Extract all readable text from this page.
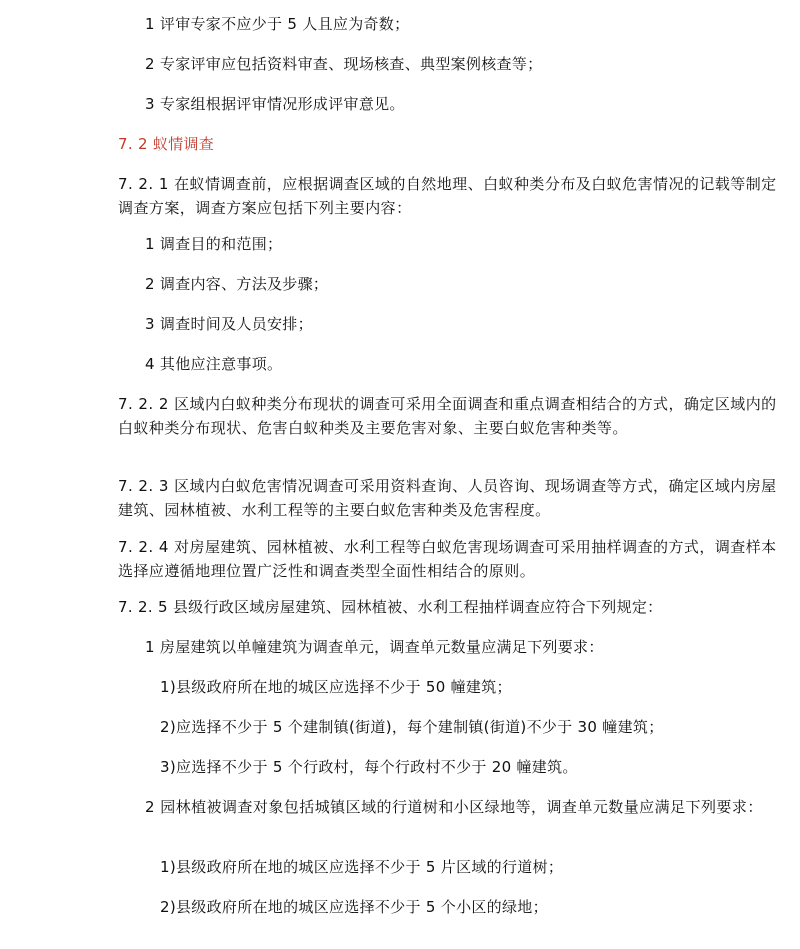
1 评审专家不应少于 5 人且应为奇数；

2 专家评审应包括资料审查、现场核查、典型案例核查等；

3 专家组根据评审情况形成评审意见。

7. 2 蚁情调查

7. 2. 1 在蚁情调查前，应根据调查区域的自然地理、白蚁种类分布及白蚁危害情况的记载等制定调查方案，调查方案应包括下列主要内容：

1 调查目的和范围；

2 调查内容、方法及步骤；

3 调查时间及人员安排；

4 其他应注意事项。

7. 2. 2 区域内白蚁种类分布现状的调查可采用全面调查和重点调查相结合的方式，确定区域内的白蚁种类分布现状、危害白蚁种类及主要危害对象、主要白蚁危害种类等。

7. 2. 3 区域内白蚁危害情况调查可采用资料查询、人员咨询、现场调查等方式，确定区域内房屋建筑、园林植被、水利工程等的主要白蚁危害种类及危害程度。

7. 2. 4 对房屋建筑、园林植被、水利工程等白蚁危害现场调查可采用抽样调查的方式，调查样本选择应遵循地理位置广泛性和调查类型全面性相结合的原则。

7. 2. 5 县级行政区域房屋建筑、园林植被、水利工程抽样调查应符合下列规定：

1 房屋建筑以单幢建筑为调查单元，调查单元数量应满足下列要求：

1)县级政府所在地的城区应选择不少于 50 幢建筑；

2)应选择不少于 5 个建制镇(街道)，每个建制镇(街道)不少于 30 幢建筑；

3)应选择不少于 5 个行政村，每个行政村不少于 20 幢建筑。

2 园林植被调查对象包括城镇区域的行道树和小区绿地等，调查单元数量应满足下列要求：

1)县级政府所在地的城区应选择不少于 5 片区域的行道树；

2)县级政府所在地的城区应选择不少于 5 个小区的绿地；
